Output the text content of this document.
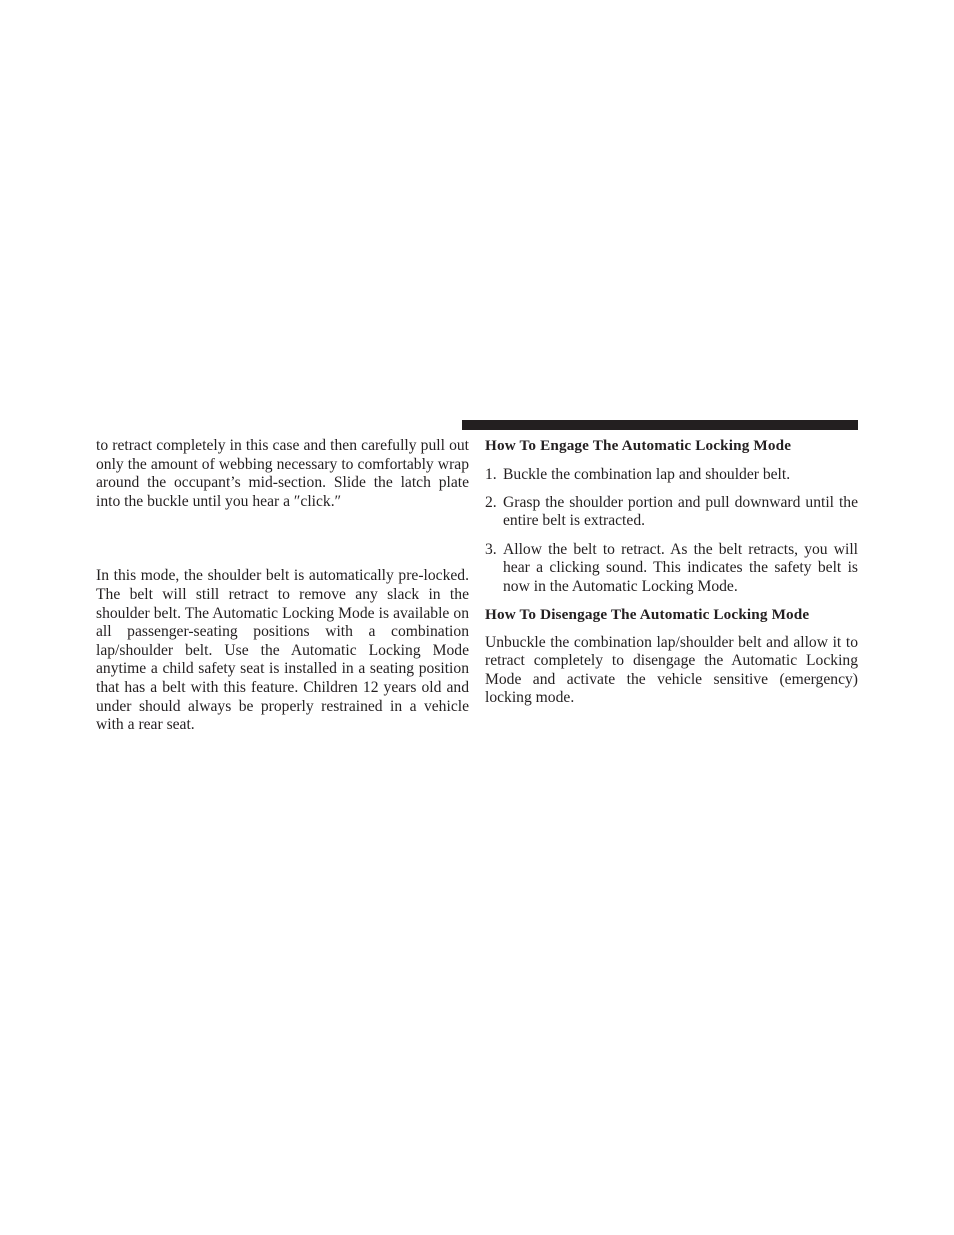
to retract completely in this case and then carefully pull out only the amount of webbing necessary to comfortably wrap around the occupant’s mid-section. Slide the latch plate into the buckle until you hear a ″click.″

In this mode, the shoulder belt is automatically pre-locked. The belt will still retract to remove any slack in the shoulder belt. The Automatic Locking Mode is available on all passenger-seating positions with a combination lap/shoulder belt. Use the Automatic Locking Mode anytime a child safety seat is installed in a seating position that has a belt with this feature. Children 12 years old and under should always be properly restrained in a vehicle with a rear seat.

How To Engage The Automatic Locking Mode
1. Buckle the combination lap and shoulder belt.
2. Grasp the shoulder portion and pull downward until the entire belt is extracted.
3. Allow the belt to retract. As the belt retracts, you will hear a clicking sound. This indicates the safety belt is now in the Automatic Locking Mode.
How To Disengage The Automatic Locking Mode

Unbuckle the combination lap/shoulder belt and allow it to retract completely to disengage the Automatic Locking Mode and activate the vehicle sensitive (emergency) locking mode.
